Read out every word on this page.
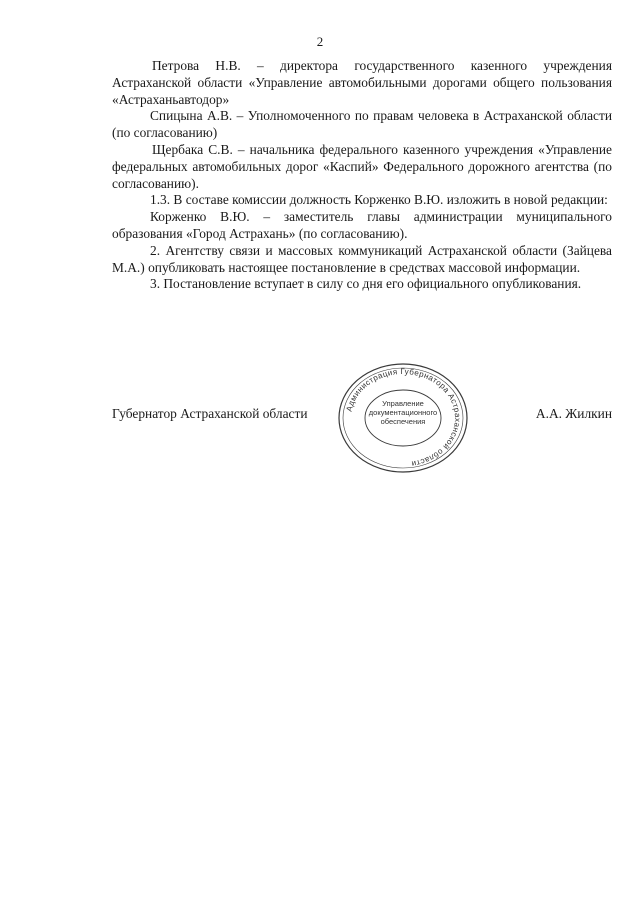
2

Петрова Н.В. – директора государственного казенного учреждения Астраханской области «Управление автомобильными дорогами общего пользования «Астраханьавтодор»

Спицына А.В. – Уполномоченного по правам человека в Астраханской области (по согласованию)

Щербака С.В. – начальника федерального казенного учреждения «Управление федеральных автомобильных дорог «Каспий» Федерального дорожного агентства (по согласованию).

1.3. В составе комиссии должность Корженко В.Ю. изложить в новой редакции:

Корженко В.Ю. – заместитель главы администрации муниципального образования «Город Астрахань» (по согласованию).

2. Агентству связи и массовых коммуникаций Астраханской области (Зайцева М.А.) опубликовать настоящее постановление в средствах массовой информации.

3. Постановление вступает в силу со дня его официального опубликования.

Губернатор Астраханской области	А.А. Жилкин
Администрация Губернатора Астраханской области
Управление
документационного
обеспечения
